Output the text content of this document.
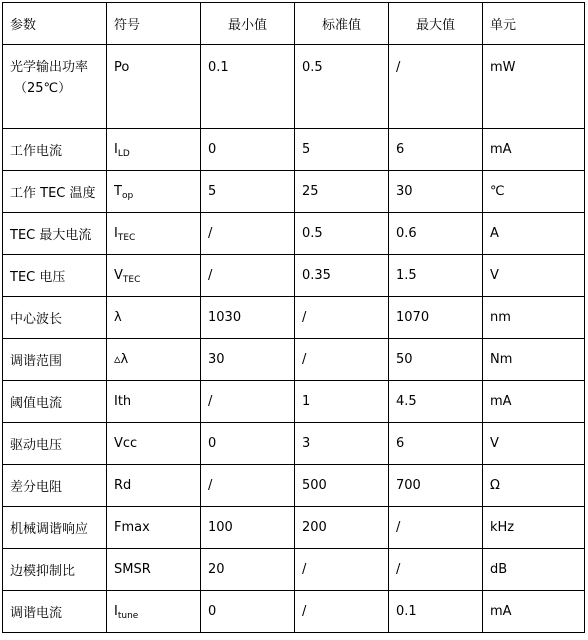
参数	符号	最小值	标准值	最大值	单元

光学输出功率
（25℃）	Po	0.1	0.5	/	mW

工作电流	$I_{LD}$	0	5	6	mA
工作 TEC 温度	$T_{op}$	5	25	30	℃
TEC 最大电流	$I_{TEC}$	/	0.5	0.6	A
TEC 电压	$V_{TEC}$	/	0.35	1.5	V
中心波长	λ	1030	/	1070	nm
调谐范围	▵λ	30	/	50	Nm
阈值电流	Ith	/	1	4.5	mA
驱动电压	Vcc	0	3	6	V
差分电阻	Rd	/	500	700	Ω
机械调谐响应	Fmax	100	200	/	kHz
边模抑制比	SMSR	20	/	/	dB
调谐电流	$I_{tune}$	0	/	0.1	mA
